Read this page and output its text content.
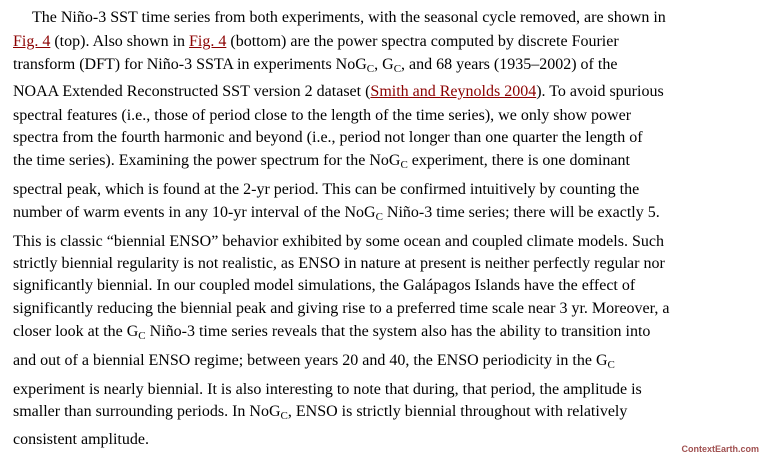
The Niño-3 SST time series from both experiments, with the seasonal cycle removed, are shown in
Fig. 4 (top). Also shown in Fig. 4 (bottom) are the power spectra computed by discrete Fourier
transform (DFT) for Niño-3 SSTA in experiments NoG$_C$, $G_C$, and 68 years (1935–2002) of the
NOAA Extended Reconstructed SST version 2 dataset (Smith and Reynolds 2004). To avoid spurious
spectral features (i.e., those of period close to the length of the time series), we only show power
spectra from the fourth harmonic and beyond (i.e., period not longer than one quarter the length of
the time series). Examining the power spectrum for the NoG$_C$ experiment, there is one dominant
spectral peak, which is found at the 2-yr period. This can be confirmed intuitively by counting the
number of warm events in any 10-yr interval of the NoG$_C$ Niño-3 time series; there will be exactly 5.
This is classic “biennial ENSO” behavior exhibited by some ocean and coupled climate models. Such
strictly biennial regularity is not realistic, as ENSO in nature at present is neither perfectly regular nor
significantly biennial. In our coupled model simulations, the Galápagos Islands have the effect of
significantly reducing the biennial peak and giving rise to a preferred time scale near 3 yr. Moreover, a
closer look at the $G_C$ Niño-3 time series reveals that the system also has the ability to transition into
and out of a biennial ENSO regime; between years 20 and 40, the ENSO periodicity in the $G_C$
experiment is nearly biennial. It is also interesting to note that during, that period, the amplitude is
smaller than surrounding periods. In NoG$_C$, ENSO is strictly biennial throughout with relatively
consistent amplitude.
ContextEarth.com
